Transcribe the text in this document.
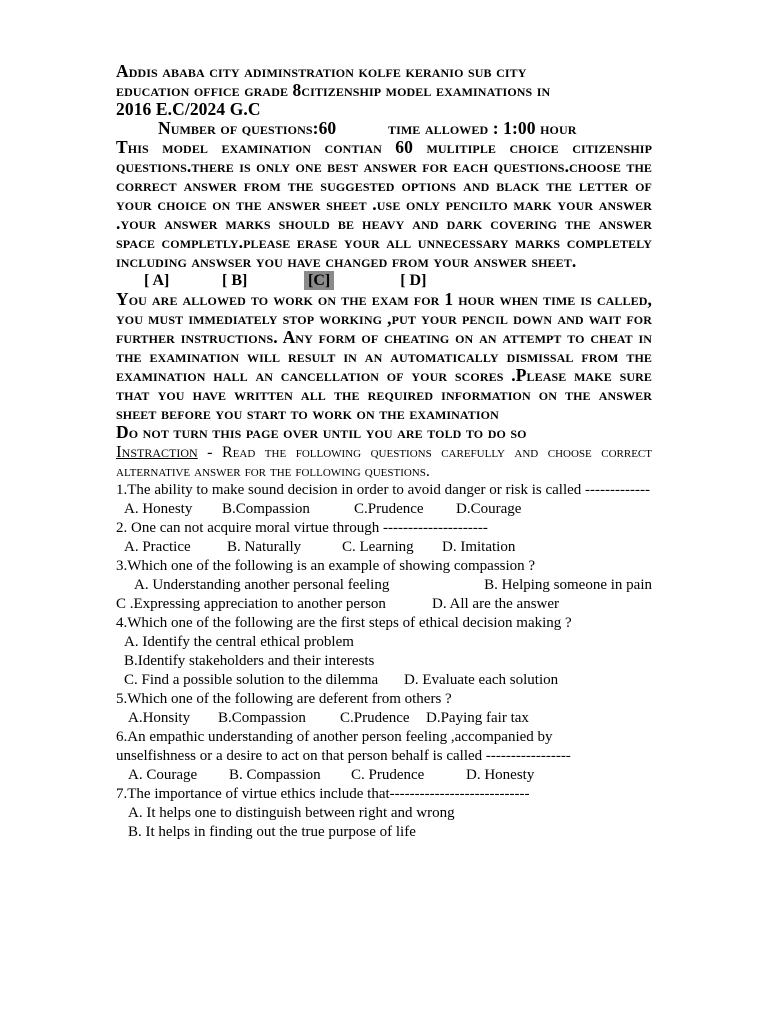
Addis ababa city adiminstration kolfe keranio sub city
education office grade 8citizenship model examinations in
2016 E.C/2024 G.C
Number of questions:60	time allowed : 1:00 hour
This model examination contian 60 mulitiple choice citizenship questions.there is only one best answer for each questions.choose the correct answer from the suggested options and black the letter of your choice on the answer sheet .use only pencilto mark your answer .your answer marks should be heavy and dark covering the answer space completly.please erase your all unnecessary marks completely including answser you have changed from your answer sheet.
[ A]	[ B]	[C]	[ D]
You are allowed to work on the exam for 1 hour when time is called, you must immediately stop working ,put your pencil down and wait for further instructions. Any form of cheating on an attempt to cheat in the examination will result in an automatically dismissal from the examination hall an cancellation of your scores .Please make sure that you have written all the required information on the answer sheet before you start to work on the examination
Do not turn this page over until you are told to do so
Instraction - Read the following questions carefully and choose correct alternative answer for the following questions.
1.The ability to make sound decision in order to avoid danger or risk is called -------------
A. Honesty	B.Compassion	C.Prudence	D.Courage
2. One can not acquire moral virtue through ---------------------
A. Practice	B. Naturally	C. Learning	D. Imitation
3.Which one of the following is an example of showing compassion ?
A. Understanding another personal feeling	B. Helping someone in pain
C .Expressing appreciation to another person	D. All are the answer
4.Which one of the following are the first steps of ethical decision making ?
A. Identify the central ethical problem
B.Identify stakeholders and their interests
C. Find a possible solution to the dilemma	D. Evaluate each solution
5.Which one of the following are deferent from others ?
A.Honsity	B.Compassion	C.Prudence	D.Paying fair tax
6.An empathic understanding of another person feeling ,accompanied by
unselfishness or a desire to act on that person behalf is called -----------------
A. Courage	B. Compassion	C. Prudence	D. Honesty
7.The importance of virtue ethics include that----------------------------
A. It helps one to distinguish between right and wrong
B. It helps in finding out the true purpose of life
